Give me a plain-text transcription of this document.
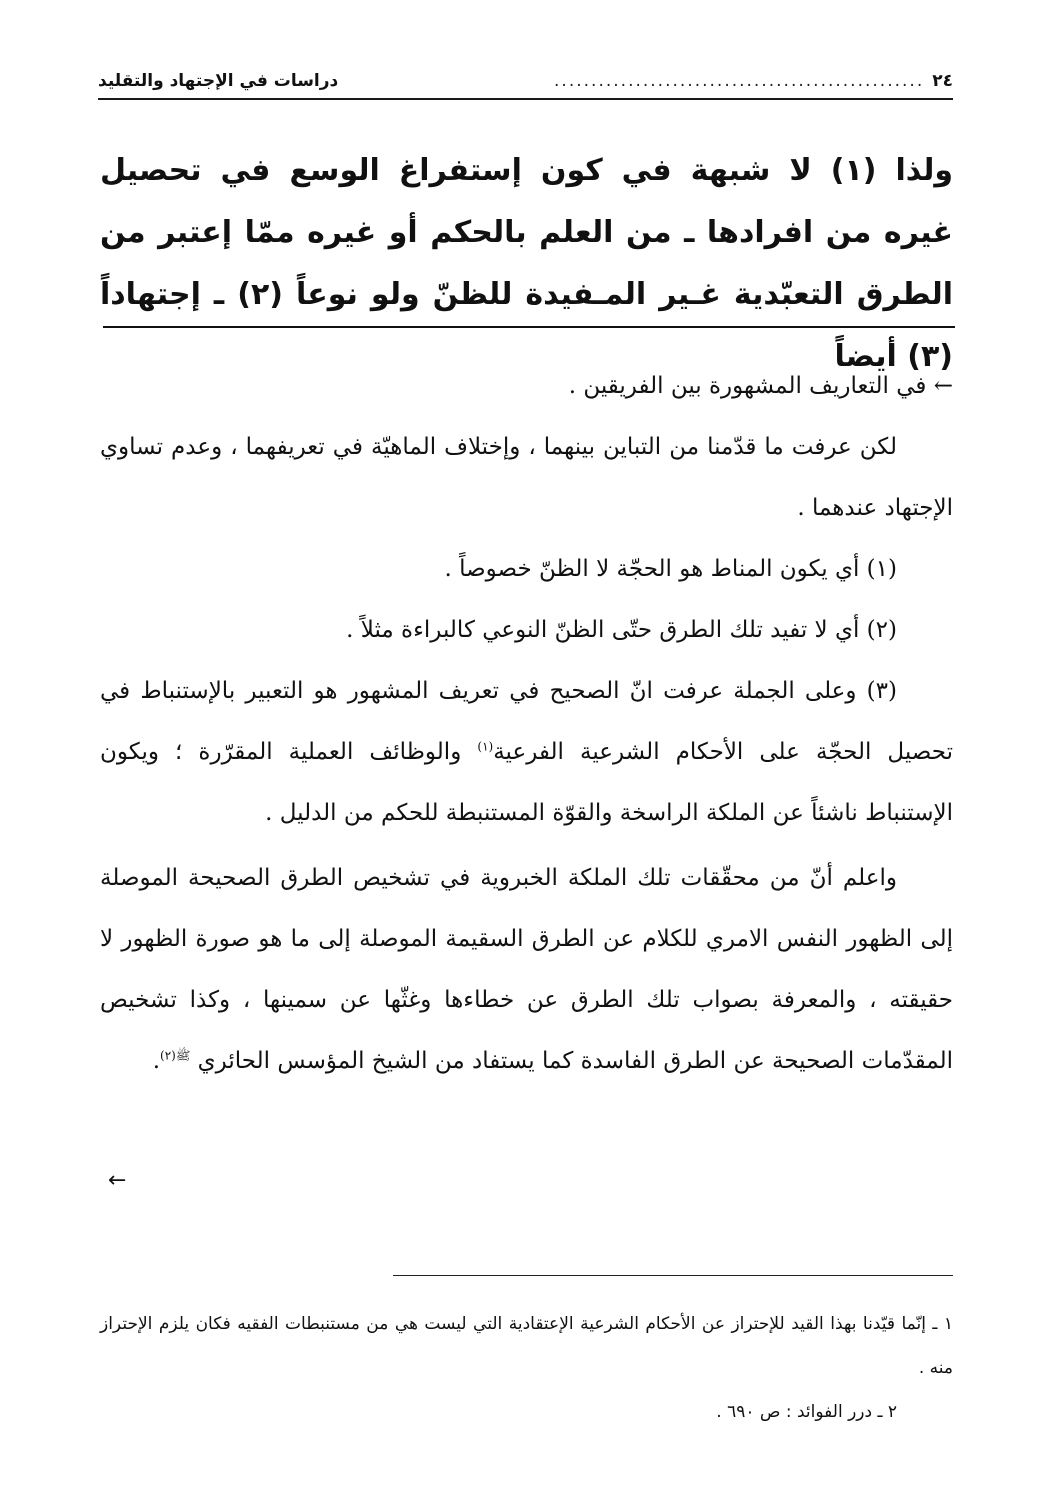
٢٤
..................................................
دراسات في الإجتهاد والتقليد
ولذا (١) لا شبهة في كون إستفراغ الوسع في تحصيل غيره من افرادها ـ من العلم بالحكم أو غيره ممّا إعتبر من الطرق التعبّدية غـير المـفيدة للظنّ ولو نوعاً (٢) ـ إجتهاداً (٣) أيضاً

← في التعاريف المشهورة بين الفريقين .

لكن عرفت ما قدّمنا من التباين بينهما ، وإختلاف الماهيّة في تعريفهما ، وعدم تساوي الإجتهاد عندهما .

(١) أي يكون المناط هو الحجّة لا الظنّ خصوصاً .

(٢) أي لا تفيد تلك الطرق حتّى الظنّ النوعي كالبراءة مثلاً .

(٣) وعلى الجملة عرفت انّ الصحيح في تعريف المشهور هو التعبير بالإستنباط في تحصيل الحجّة على الأحكام الشرعية الفرعية$^{(١)}$ والوظائف العملية المقرّرة ؛ ويكون الإستنباط ناشئاً عن الملكة الراسخة والقوّة المستنبطة للحكم من الدليل .

واعلم أنّ من محقّقات تلك الملكة الخبروية في تشخيص الطرق الصحيحة الموصلة إلى الظهور النفس الامري للكلام عن الطرق السقيمة الموصلة إلى ما هو صورة الظهور لا حقيقته ، والمعرفة بصواب تلك الطرق عن خطاءها وغثّها عن سمينها ، وكذا تشخيص المقدّمات الصحيحة عن الطرق الفاسدة كما يستفاد من الشيخ المؤسس الحائري $^{ﷺ(٢)}$.

←

١ ـ إنّما قيّدنا بهذا القيد للإحتراز عن الأحكام الشرعية الإعتقادية التي ليست هي من مستنبطات الفقيه فكان يلزم الإحتراز منه .

٢ ـ درر الفوائد : ص ٦٩٠ .
